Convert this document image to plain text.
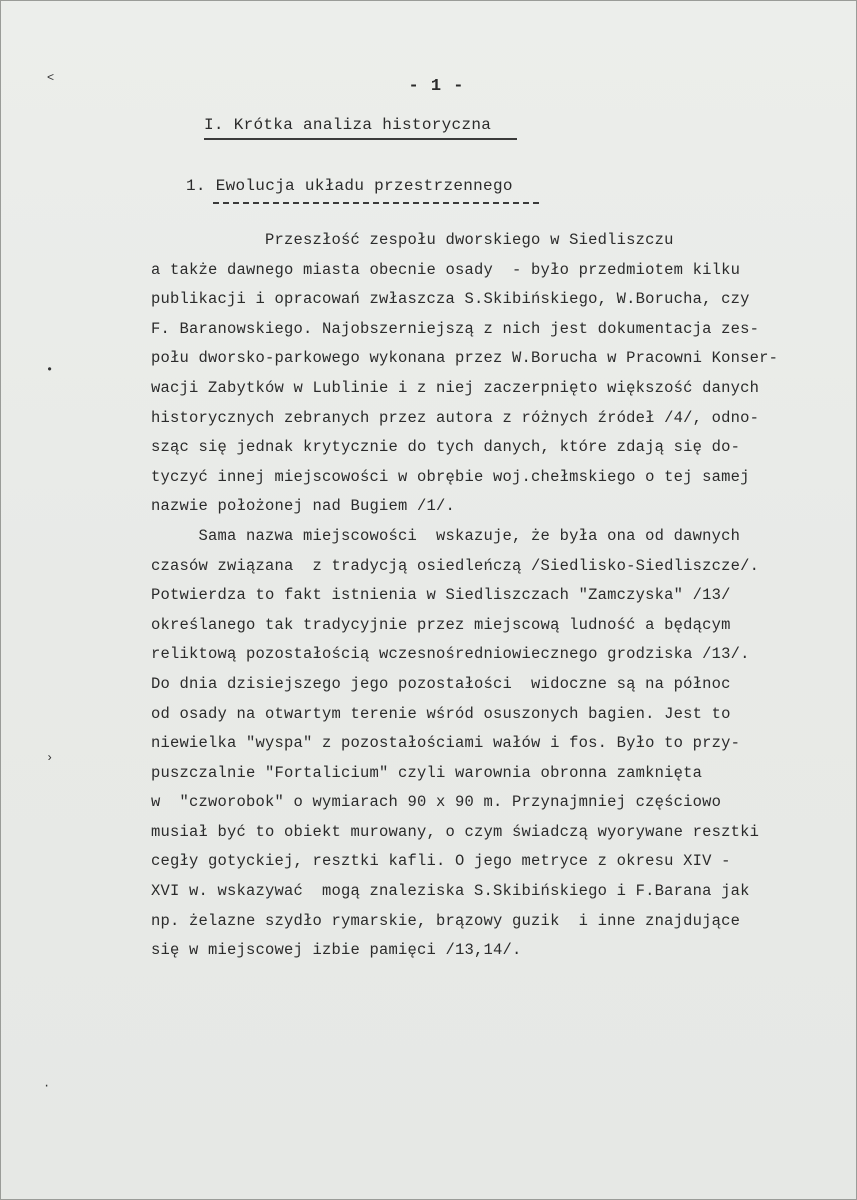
˂
•
›
·
- 1 -
I. Krótka analiza historyczna
1. Ewolucja układu przestrzennego
Przeszłość zespołu dworskiego w Siedliszczu
a także dawnego miasta obecnie osady  - było przedmiotem kilku
publikacji i opracowań zwłaszcza S.Skibińskiego, W.Borucha, czy
F. Baranowskiego. Najobszerniejszą z nich jest dokumentacja zes-
połu dworsko-parkowego wykonana przez W.Borucha w Pracowni Konser-
wacji Zabytków w Lublinie i z niej zaczerpnięto większość danych
historycznych zebranych przez autora z różnych źródeł /4/, odno-
sząc się jednak krytycznie do tych danych, które zdają się do-
tyczyć innej miejscowości w obrębie woj.chełmskiego o tej samej
nazwie położonej nad Bugiem /1/.
Sama nazwa miejscowości  wskazuje, że była ona od dawnych
czasów związana  z tradycją osiedleńczą /Siedlisko-Siedliszcze/.
Potwierdza to fakt istnienia w Siedliszczach "Zamczyska" /13/
określanego tak tradycyjnie przez miejscową ludność a będącym
reliktową pozostałością wczesnośredniowiecznego grodziska /13/.
Do dnia dzisiejszego jego pozostałości  widoczne są na północ
od osady na otwartym terenie wśród osuszonych bagien. Jest to
niewielka "wyspa" z pozostałościami wałów i fos. Było to przy-
puszczalnie "Fortalicium" czyli warownia obronna zamknięta
w  "czworobok" o wymiarach 90 x 90 m. Przynajmniej częściowo
musiał być to obiekt murowany, o czym świadczą wyorywane resztki
cegły gotyckiej, resztki kafli. O jego metryce z okresu XIV -
XVI w. wskazywać  mogą znaleziska S.Skibińskiego i F.Barana jak
np. żelazne szydło rymarskie, brązowy guzik  i inne znajdujące
się w miejscowej izbie pamięci /13,14/.
